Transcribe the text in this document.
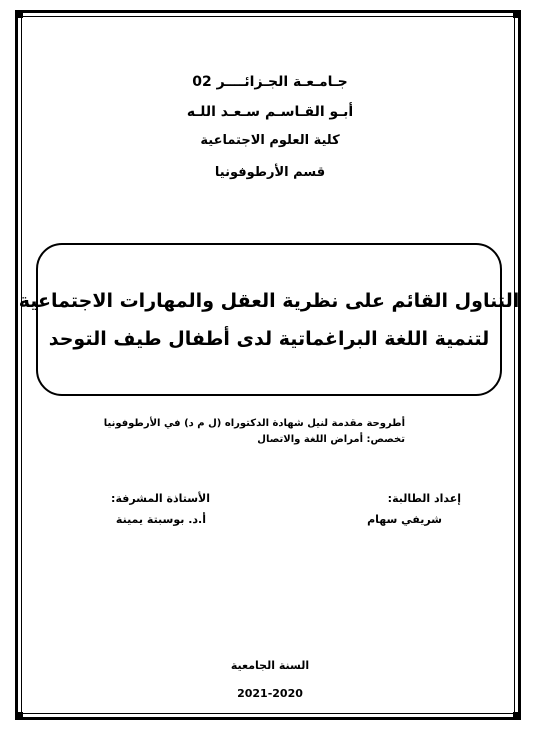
جـامـعـة الجـزائــــر 02
أبـو القـاسـم سـعـد اللـه
كلية العلوم الاجتماعية
قسم الأرطوفونيا
التناول القائم على نظرية العقل والمهارات الاجتماعية
لتنمية اللغة البراغماتية لدى أطفال طيف التوحد
أطروحة مقدمة لنيل شهادة الدكتوراه (ل م د) في الأرطوفونيا
تخصص: أمراض اللغة والاتصال
إعداد الطالبة:
شريفي سهام
الأستاذة المشرفة:
أ.د. بوسبتة يمينة
السنة الجامعية
2021-2020
